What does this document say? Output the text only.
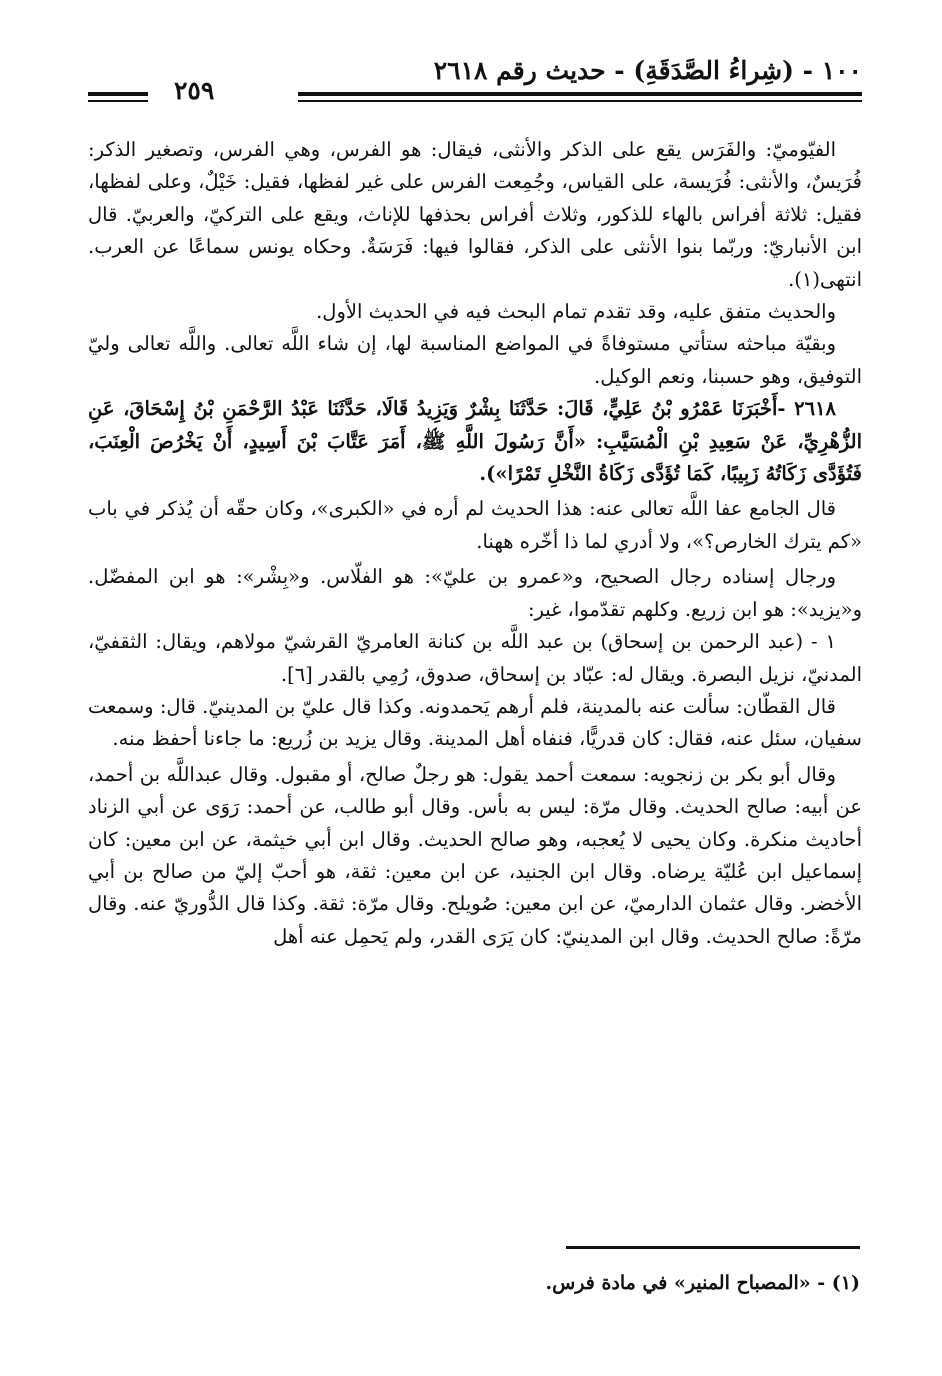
١٠٠ - (شِراءُ الصَّدَقَةِ) - حديث رقم ٢٦١٨
٢٥٩

الفيّوميّ: والفَرَس يقع على الذكر والأنثى، فيقال: هو الفرس، وهي الفرس، وتصغير الذكر: فُرَيسٌ، والأنثى: فُرَيسة، على القياس، وجُمِعت الفرس على غير لفظها، فقيل: خَيْلٌ، وعلى لفظها، فقيل: ثلاثة أفراس بالهاء للذكور، وثلاث أفراس بحذفها للإناث، ويقع على التركيّ، والعربيّ. قال ابن الأنباريّ: وربّما بنوا الأنثى على الذكر، فقالوا فيها: فَرَسَةٌ. وحكاه يونس سماعًا عن العرب. انتهى(١).

والحديث متفق عليه، وقد تقدم تمام البحث فيه في الحديث الأول.

وبقيّة مباحثه ستأتي مستوفاةً في المواضع المناسبة لها، إن شاء اللَّه تعالى. واللَّه تعالى وليّ التوفيق، وهو حسبنا، ونعم الوكيل.

٢٦١٨ -أَخْبَرَنَا عَمْرُو بْنُ عَلِيٍّ، قَالَ: حَدَّثَنَا بِشْرٌ وَيَزِيدُ قَالَا، حَدَّثَنَا عَبْدُ الرَّحْمَنِ بْنُ إِسْحَاقَ، عَنِ الزُّهْرِيِّ، عَنْ سَعِيدِ بْنِ الْمُسَيَّبِ: «أَنَّ رَسُولَ اللَّهِ ﷺ، أَمَرَ عَتَّابَ بْنَ أَسِيدٍ، أَنْ يَخْرُصَ الْعِنَبَ، فَتُؤَدَّى زَكَاتُهُ زَبِيبًا، كَمَا تُؤَدَّى زَكَاةُ النَّخْلِ تَمْرًا»).

قال الجامع عفا اللَّه تعالى عنه: هذا الحديث لم أره في «الكبرى»، وكان حقّه أن يُذكر في باب «كم يترك الخارص؟»، ولا أدري لما ذا أخّره ههنا.

ورجال إسناده رجال الصحيح، و«عمرو بن عليّ»: هو الفلّاس. و«بِشْر»: هو ابن المفضّل. و«يزيد»: هو ابن زريع. وكلهم تقدّموا، غير:

١ - (عبد الرحمن بن إسحاق) بن عبد اللَّه بن كنانة العامريّ القرشيّ مولاهم، ويقال: الثقفيّ، المدنيّ، نزيل البصرة. ويقال له: عبّاد بن إسحاق، صدوق، رُمِي بالقدر [٦].

قال القطّان: سألت عنه بالمدينة، فلم أرهم يَحمدونه. وكذا قال عليّ بن المدينيّ. قال: وسمعت سفيان، سئل عنه، فقال: كان قدريًّا، فنفاه أهل المدينة. وقال يزيد بن زُريع: ما جاءنا أحفظ منه.

وقال أبو بكر بن زنجويه: سمعت أحمد يقول: هو رجلٌ صالح، أو مقبول. وقال عبداللَّه بن أحمد، عن أبيه: صالح الحديث. وقال مرّة: ليس به بأس. وقال أبو طالب، عن أحمد: رَوَى عن أبي الزناد أحاديث منكرة. وكان يحيى لا يُعجبه، وهو صالح الحديث. وقال ابن أبي خيثمة، عن ابن معين: كان إسماعيل ابن عُليّة يرضاه. وقال ابن الجنيد، عن ابن معين: ثقة، هو أحبّ إليّ من صالح بن أبي الأخضر. وقال عثمان الدارميّ، عن ابن معين: صُويلح. وقال مرّة: ثقة. وكذا قال الدُّوريّ عنه. وقال مرّةً: صالح الحديث. وقال ابن المدينيّ: كان يَرَى القدر، ولم يَحمِل عنه أهل

(١) - «المصباح المنير» في مادة فرس.
